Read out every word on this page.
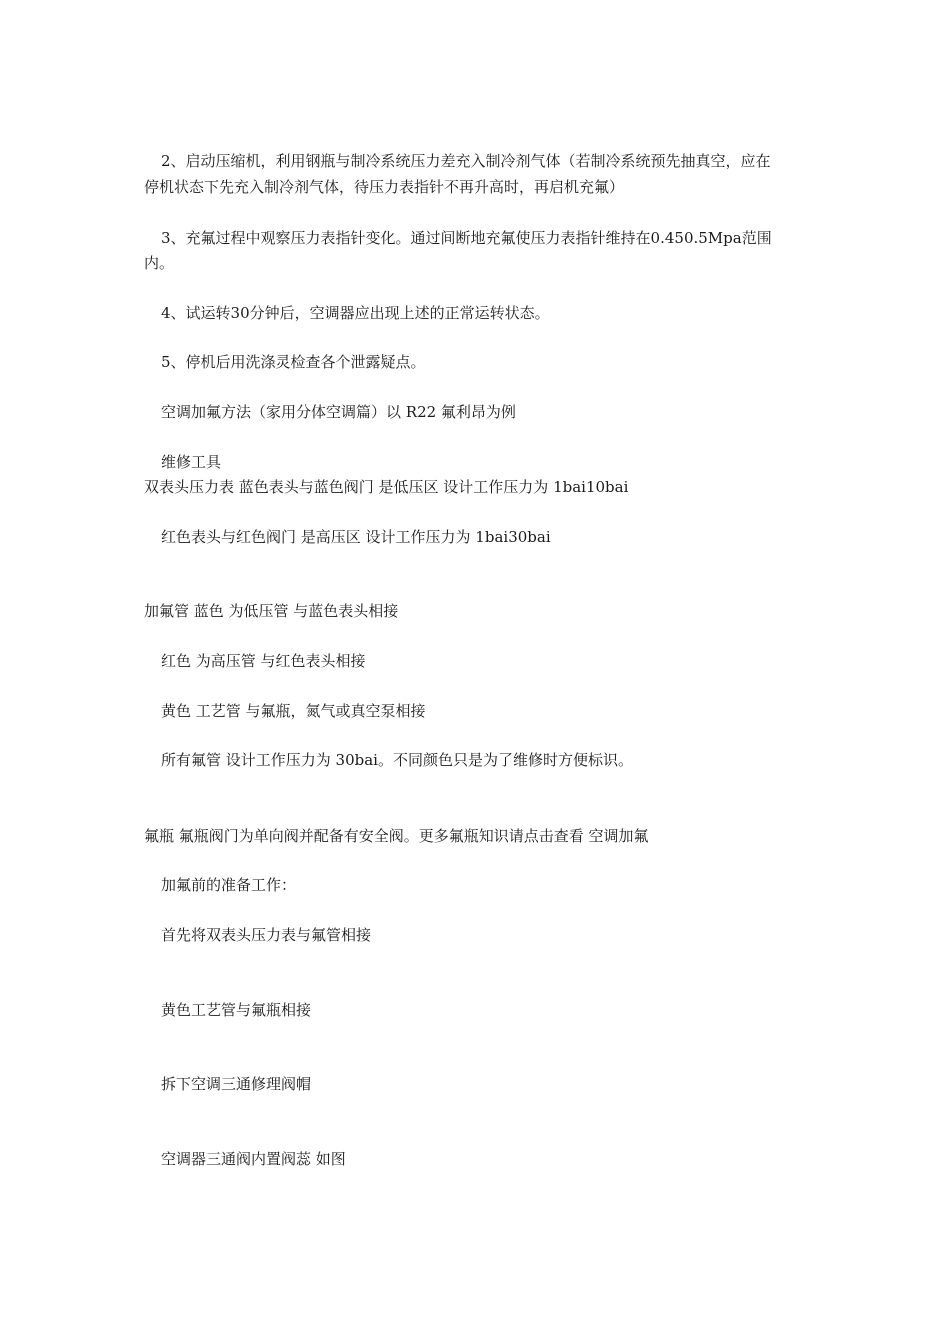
2、启动压缩机，利用钢瓶与制冷系统压力差充入制冷剂气体（若制冷系统预先抽真空，应在
停机状态下先充入制冷剂气体，待压力表指针不再升高时，再启机充氟）
3、充氟过程中观察压力表指针变化。通过间断地充氟使压力表指针维持在0.450.5Mpa范围
内。
4、试运转30分钟后，空调器应出现上述的正常运转状态。
5、停机后用洗涤灵检查各个泄露疑点。
空调加氟方法（家用分体空调篇）以 R22 氟利昂为例
维修工具
双表头压力表 蓝色表头与蓝色阀门 是低压区 设计工作压力为 1bai10bai
红色表头与红色阀门 是高压区 设计工作压力为 1bai30bai
加氟管 蓝色 为低压管 与蓝色表头相接
红色 为高压管 与红色表头相接
黄色 工艺管 与氟瓶，氮气或真空泵相接
所有氟管 设计工作压力为 30bai。不同颜色只是为了维修时方便标识。
氟瓶 氟瓶阀门为单向阀并配备有安全阀。更多氟瓶知识请点击查看 空调加氟
加氟前的准备工作：
首先将双表头压力表与氟管相接
黄色工艺管与氟瓶相接
拆下空调三通修理阀帽
空调器三通阀内置阀蕊 如图
